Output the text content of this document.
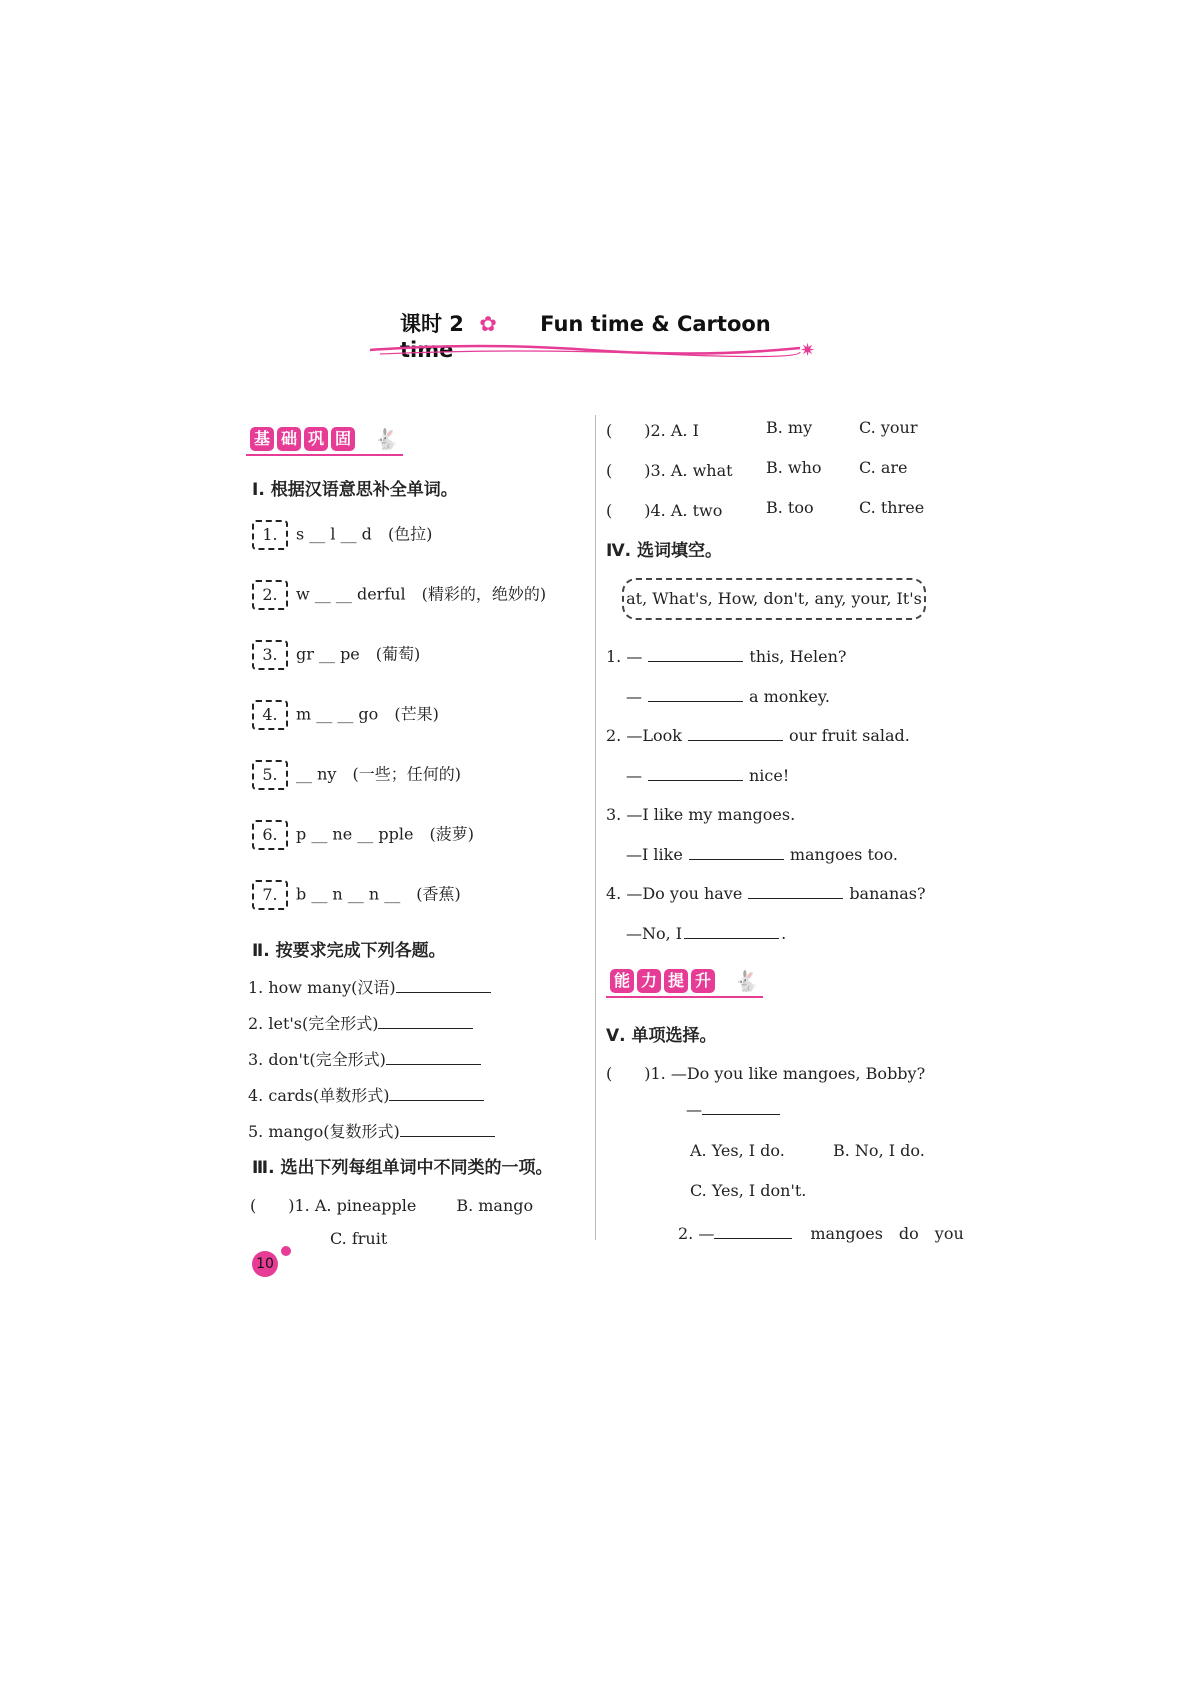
课时 2 ✿ Fun time & Cartoon time	✷
基 础 巩 固 🐇
Ⅰ. 根据汉语意思补全单词。
1. s __ l __ d　 (色拉)
2. w __ __ derful　 (精彩的，绝妙的)
3. gr __ pe　 (葡萄)
4. m __ __ go　 (芒果)
5. __ ny　 (一些；任何的)
6. p __ ne __ pple　 (菠萝)
7. b __ n __ n __　 (香蕉)
Ⅱ. 按要求完成下列各题。
1. how many(汉语)
2. let's(完全形式)
3. don't(完全形式)
4. cards(单数形式)
5. mango(复数形式)
Ⅲ. 选出下列每组单词中不同类的一项。
(　　)1. A. pineapple	B. mango
C. fruit
10
(　　)2. A. I	B. my	C. your
(　　)3. A. what B. who C. are
(　　)4. A. two	B. too	C. three
Ⅳ. 选词填空。
at, What's, How, don't, any, your, It's
1. —	this, Helen?
—	a monkey.
2. —Look	our fruit salad.
—	nice!
3. —I like my mangoes.
—I like	mangoes too.
4. —Do you have	bananas?
—No, I	.
能 力 提 升 🐇
Ⅴ. 单项选择。
(　　)1. —Do you like mangoes, Bobby?
—
A. Yes, I do.	B. No, I do.
C. Yes, I don't.
2. —	mangoes　do　you
